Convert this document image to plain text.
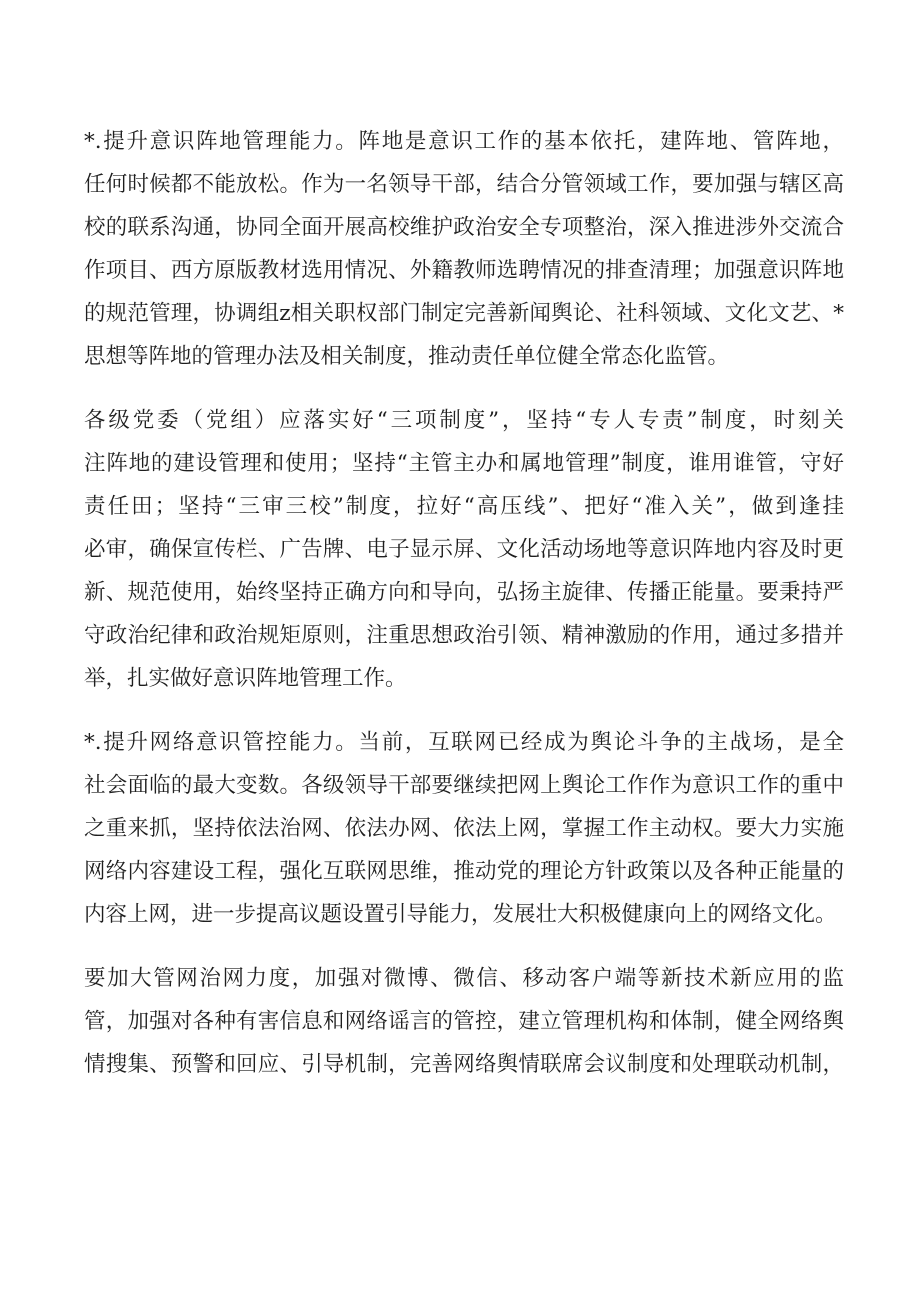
*.提升意识阵地管理能力。阵地是意识工作的基本依托，建阵地、管阵地，
任何时候都不能放松。作为一名领导干部，结合分管领域工作，要加强与辖区高
校的联系沟通，协同全面开展高校维护政治安全专项整治，深入推进涉外交流合
作项目、西方原版教材选用情况、外籍教师选聘情况的排查清理；加强意识阵地
的规范管理，协调组z相关职权部门制定完善新闻舆论、社科领域、文化文艺、*
思想等阵地的管理办法及相关制度，推动责任单位健全常态化监管。
各级党委（党组）应落实好“三项制度”，坚持“专人专责”制度，时刻关
注阵地的建设管理和使用；坚持“主管主办和属地管理”制度，谁用谁管，守好
责任田；坚持“三审三校”制度，拉好“高压线”、把好“准入关”，做到逢挂
必审，确保宣传栏、广告牌、电子显示屏、文化活动场地等意识阵地内容及时更
新、规范使用，始终坚持正确方向和导向，弘扬主旋律、传播正能量。要秉持严
守政治纪律和政治规矩原则，注重思想政治引领、精神激励的作用，通过多措并
举，扎实做好意识阵地管理工作。
*.提升网络意识管控能力。当前，互联网已经成为舆论斗争的主战场，是全
社会面临的最大变数。各级领导干部要继续把网上舆论工作作为意识工作的重中
之重来抓，坚持依法治网、依法办网、依法上网，掌握工作主动权。要大力实施
网络内容建设工程，强化互联网思维，推动党的理论方针政策以及各种正能量的
内容上网，进一步提高议题设置引导能力，发展壮大积极健康向上的网络文化。
要加大管网治网力度，加强对微博、微信、移动客户端等新技术新应用的监
管，加强对各种有害信息和网络谣言的管控，建立管理机构和体制，健全网络舆
情搜集、预警和回应、引导机制，完善网络舆情联席会议制度和处理联动机制，
